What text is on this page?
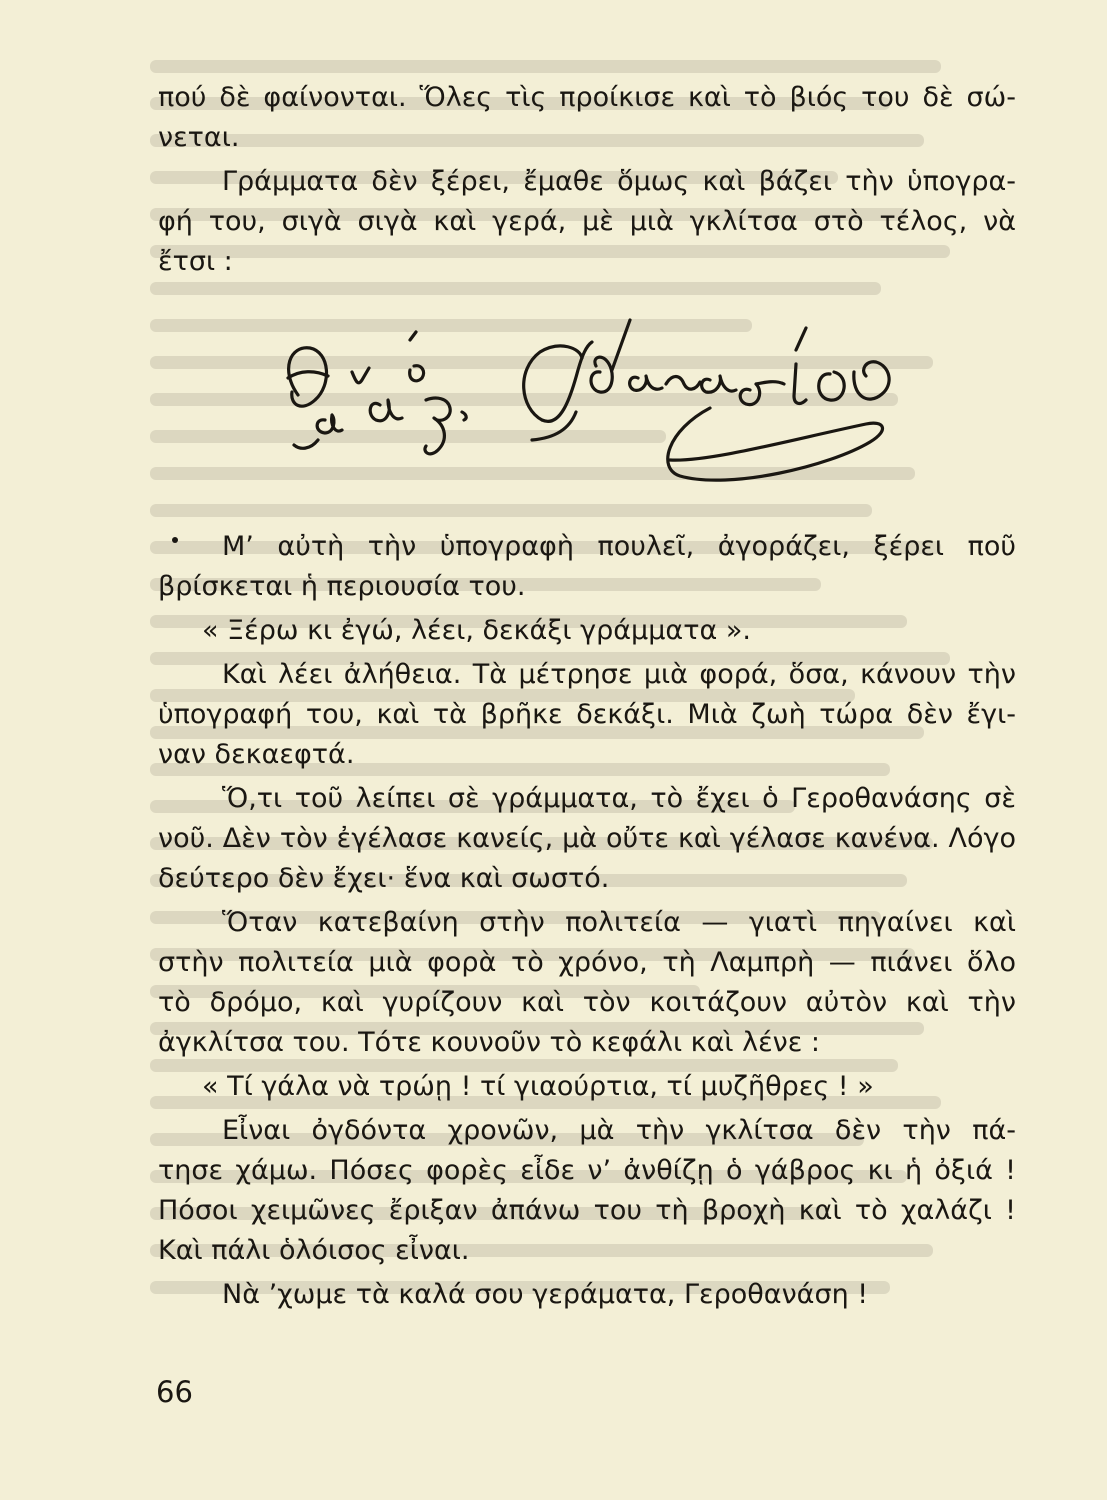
πού δὲ φαίνονται. Ὅλες τὶς προίκισε καὶ τὸ βιός του δὲ σώ-
νεται.
Γράμματα δὲν ξέρει, ἔμαθε ὅμως καὶ βάζει τὴν ὑπογρα-
φή του, σιγὰ σιγὰ καὶ γερά, μὲ μιὰ γκλίτσα στὸ τέλος, νὰ
ἔτσι :
Μ’ αὐτὴ τὴν ὑπογραφὴ πουλεῖ, ἀγοράζει, ξέρει ποῦ
βρίσκεται ἡ περιουσία του.
« Ξέρω κι ἐγώ, λέει, δεκάξι γράμματα ».
Καὶ λέει ἀλήθεια. Τὰ μέτρησε μιὰ φορά, ὅσα, κάνουν τὴν
ὑπογραφή του, καὶ τὰ βρῆκε δεκάξι. Μιὰ ζωὴ τώρα δὲν ἔγι-
ναν δεκαεφτά.
Ὅ,τι τοῦ λείπει σὲ γράμματα, τὸ ἔχει ὁ Γεροθανάσης σὲ
νοῦ. Δὲν τὸν ἐγέλασε κανείς, μὰ οὔτε καὶ γέλασε κανένα. Λόγο
δεύτερο δὲν ἔχει· ἕνα καὶ σωστό.
Ὅταν κατεβαίνη στὴν πολιτεία — γιατὶ πηγαίνει καὶ
στὴν πολιτεία μιὰ φορὰ τὸ χρόνο, τὴ Λαμπρὴ — πιάνει ὅλο
τὸ δρόμο, καὶ γυρίζουν καὶ τὸν κοιτάζουν αὐτὸν καὶ τὴν
ἀγκλίτσα του. Τότε κουνοῦν τὸ κεφάλι καὶ λένε :
« Τί γάλα νὰ τρώῃ ! τί γιαούρτια, τί μυζῆθρες ! »
Εἶναι ὀγδόντα χρονῶν, μὰ τὴν γκλίτσα δὲν τὴν πά-
τησε χάμω. Πόσες φορὲς εἶδε ν’ ἀνθίζῃ ὁ γάβρος κι ἡ ὀξιά !
Πόσοι χειμῶνες ἔριξαν ἀπάνω του τὴ βροχὴ καὶ τὸ χαλάζι !
Καὶ πάλι ὁλόισος εἶναι.
Νὰ ’χωμε τὰ καλά σου γεράματα, Γεροθανάση !
66
